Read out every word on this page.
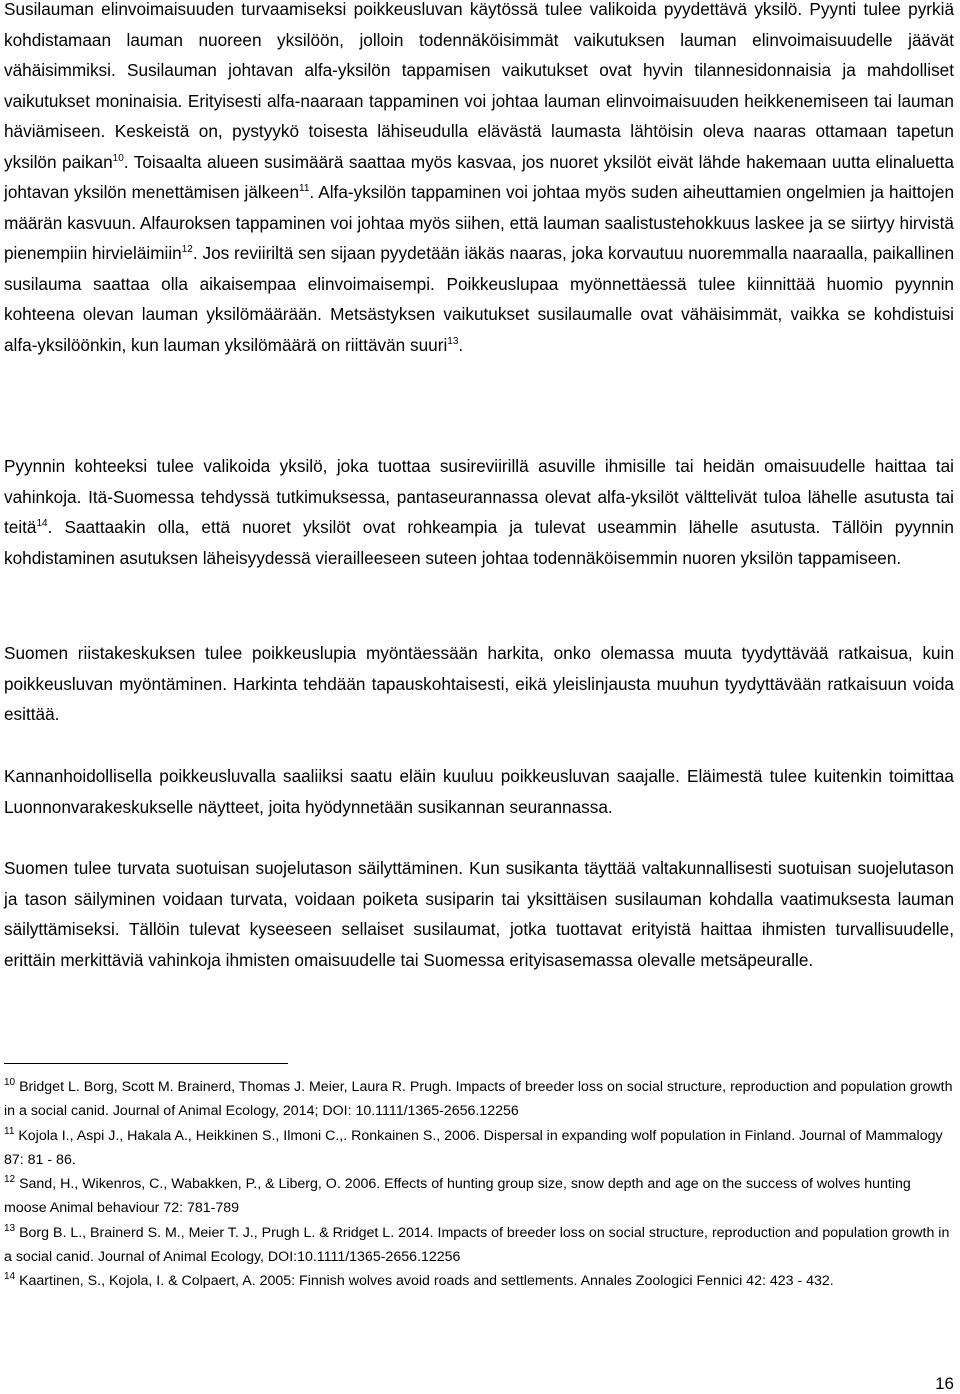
Susilauman elinvoimaisuuden turvaamiseksi poikkeusluvan käytössä tulee valikoida pyydettävä yksilö. Pyynti tulee pyrkiä kohdistamaan lauman nuoreen yksilöön, jolloin todennäköisimmät vaikutuksen lauman elinvoimaisuudelle jäävät vähäisimmiksi. Susilauman johtavan alfa-yksilön tappamisen vaikutukset ovat hyvin tilannesidonnaisia ja mahdolliset vaikutukset moninaisia. Erityisesti alfa-naaraan tappaminen voi johtaa lauman elinvoimaisuuden heikkenemiseen tai lauman häviämiseen. Keskeistä on, pystyykö toisesta lähiseudulla elävästä laumasta lähtöisin oleva naaras ottamaan tapetun yksilön paikan$^{10}$. Toisaalta alueen susimäärä saattaa myös kasvaa, jos nuoret yksilöt eivät lähde hakemaan uutta elinaluetta johtavan yksilön menettämisen jälkeen$^{11}$. Alfa-yksilön tappaminen voi johtaa myös suden aiheuttamien ongelmien ja haittojen määrän kasvuun. Alfauroksen tappaminen voi johtaa myös siihen, että lauman saalistustehokkuus laskee ja se siirtyy hirvistä pienempiin hirvieläimiin$^{12}$. Jos reviiriltä sen sijaan pyydetään iäkäs naaras, joka korvautuu nuoremmalla naaraalla, paikallinen susilauma saattaa olla aikaisempaa elinvoimaisempi. Poikkeuslupaa myönnettäessä tulee kiinnittää huomio pyynnin kohteena olevan lauman yksilömäärään. Metsästyksen vaikutukset susilaumalle ovat vähäisimmät, vaikka se kohdistuisi alfa-yksilöönkin, kun lauman yksilömäärä on riittävän suuri$^{13}$.

Pyynnin kohteeksi tulee valikoida yksilö, joka tuottaa susireviirillä asuville ihmisille tai heidän omaisuudelle haittaa tai vahinkoja. Itä-Suomessa tehdyssä tutkimuksessa, pantaseurannassa olevat alfa-yksilöt välttelivät tuloa lähelle asutusta tai teitä$^{14}$. Saattaakin olla, että nuoret yksilöt ovat rohkeampia ja tulevat useammin lähelle asutusta. Tällöin pyynnin kohdistaminen asutuksen läheisyydessä vierailleeseen suteen johtaa todennäköisemmin nuoren yksilön tappamiseen.

Suomen riistakeskuksen tulee poikkeuslupia myöntäessään harkita, onko olemassa muuta tyydyttävää ratkaisua, kuin poikkeusluvan myöntäminen. Harkinta tehdään tapauskohtaisesti, eikä yleislinjausta muuhun tyydyttävään ratkaisuun voida esittää.

Kannanhoidollisella poikkeusluvalla saaliiksi saatu eläin kuuluu poikkeusluvan saajalle. Eläimestä tulee kuitenkin toimittaa Luonnonvarakeskukselle näytteet, joita hyödynnetään susikannan seurannassa.

Suomen tulee turvata suotuisan suojelutason säilyttäminen. Kun susikanta täyttää valtakunnallisesti suotuisan suojelutason ja tason säilyminen voidaan turvata, voidaan poiketa susiparin tai yksittäisen susilauman kohdalla vaatimuksesta lauman säilyttämiseksi. Tällöin tulevat kyseeseen sellaiset susilaumat, jotka tuottavat erityistä haittaa ihmisten turvallisuudelle, erittäin merkittäviä vahinkoja ihmisten omaisuudelle tai Suomessa erityisasemassa olevalle metsäpeuralle.

$^{10}$ Bridget L. Borg, Scott M. Brainerd, Thomas J. Meier, Laura R. Prugh. Impacts of breeder loss on social structure, reproduction and population growth in a social canid. Journal of Animal Ecology, 2014; DOI: 10.1111/1365-2656.12256

$^{11}$ Kojola I., Aspi J., Hakala A., Heikkinen S., Ilmoni C.,. Ronkainen S., 2006. Dispersal in expanding wolf population in Finland. Journal of Mammalogy 87: 81 - 86.

$^{12}$ Sand, H., Wikenros, C., Wabakken, P., & Liberg, O. 2006. Effects of hunting group size, snow depth and age on the success of wolves hunting moose Animal behaviour 72: 781-789

$^{13}$ Borg B. L., Brainerd S. M., Meier T. J., Prugh L. & Rridget L. 2014. Impacts of breeder loss on social structure, reproduction and population growth in a social canid. Journal of Animal Ecology, DOI:10.1111/1365-2656.12256

$^{14}$ Kaartinen, S., Kojola, I. & Colpaert, A. 2005: Finnish wolves avoid roads and settlements. Annales Zoologici Fennici 42: 423 - 432.

16
